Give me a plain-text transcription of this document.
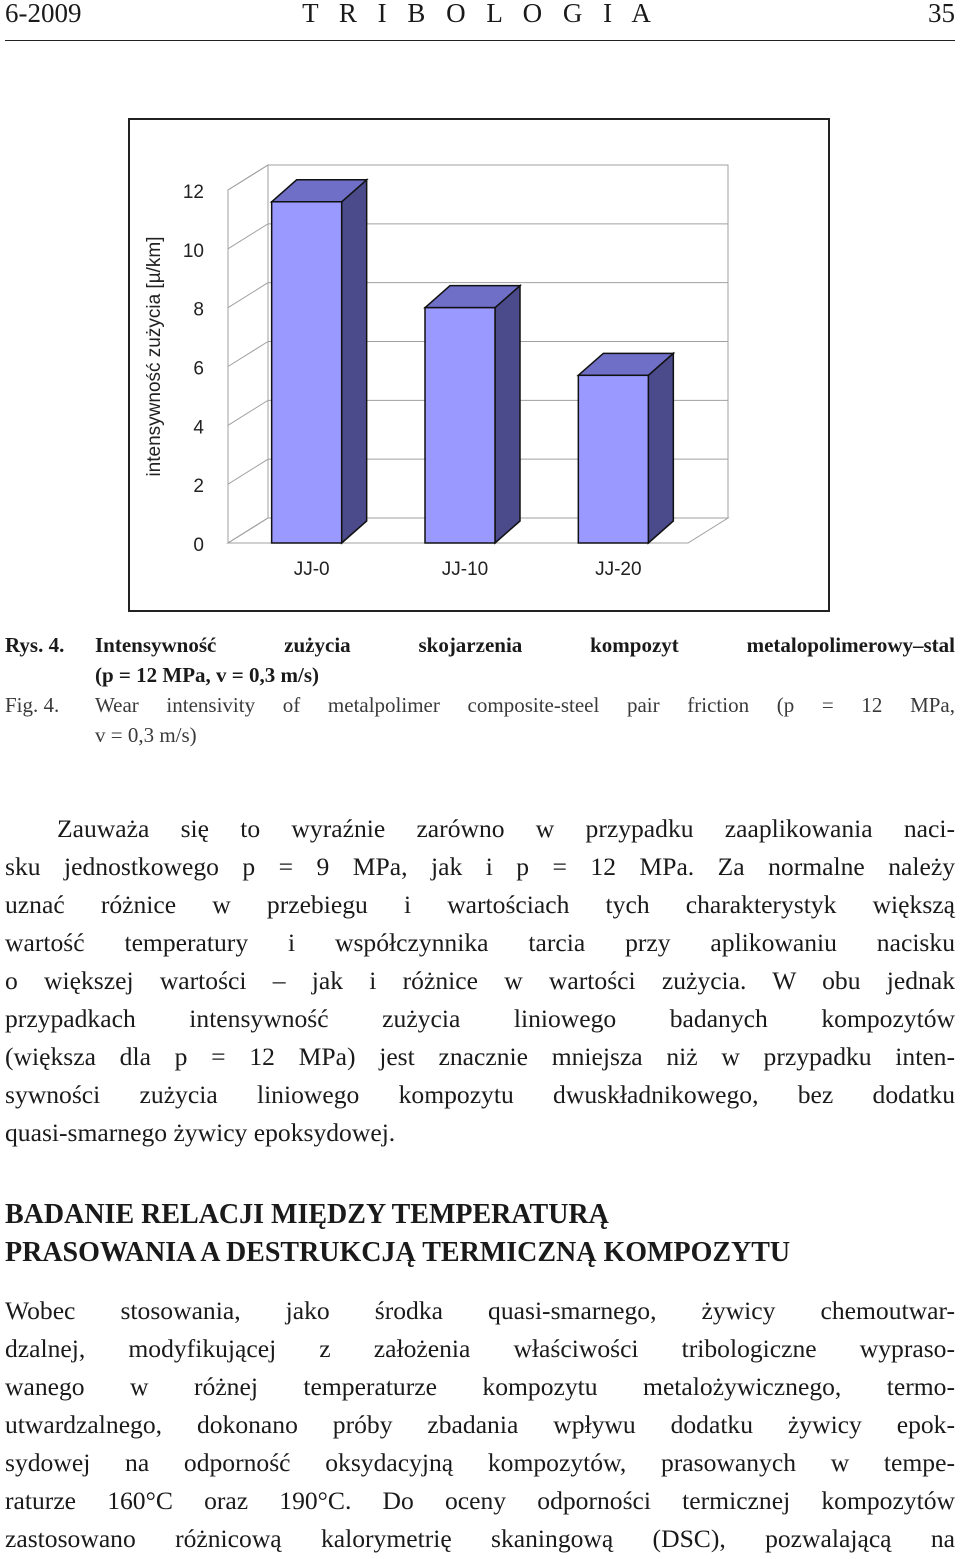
6-2009	T R I B O L O G I A	35
0
2
4
6
8
10
12
intensywność zużycia [µ/km]
JJ-0	JJ-10	JJ-20
Rys. 4. Intensywność zużycia skojarzenia kompozyt metalopolimerowy–stal
(p = 12 MPa, v = 0,3 m/s)
Fig. 4. Wear intensivity of metalpolimer composite-steel pair friction (p = 12 MPa,
v = 0,3 m/s)
Zauważa się to wyraźnie zarówno w przypadku zaaplikowania naci-
sku jednostkowego p = 9 MPa, jak i p = 12 MPa. Za normalne należy
uznać różnice w przebiegu i wartościach tych charakterystyk większą
wartość temperatury i współczynnika tarcia przy aplikowaniu nacisku
o większej wartości – jak i różnice w wartości zużycia. W obu jednak
przypadkach intensywność zużycia liniowego badanych kompozytów
(większa dla p = 12 MPa) jest znacznie mniejsza niż w przypadku inten-
sywności zużycia liniowego kompozytu dwuskładnikowego, bez dodatku
quasi-smarnego żywicy epoksydowej.
BADANIE RELACJI MIĘDZY TEMPERATURĄ
PRASOWANIA A DESTRUKCJĄ TERMICZNĄ KOMPOZYTU
Wobec stosowania, jako środka quasi-smarnego, żywicy chemoutwar-
dzalnej, modyfikującej z założenia właściwości tribologiczne wypraso-
wanego w różnej temperaturze kompozytu metalożywicznego, termo-
utwardzalnego, dokonano próby zbadania wpływu dodatku żywicy epok-
sydowej na odporność oksydacyjną kompozytów, prasowanych w tempe-
raturze 160°C oraz 190°C. Do oceny odporności termicznej kompozytów
zastosowano różnicową kalorymetrię skaningową (DSC), pozwalającą na
